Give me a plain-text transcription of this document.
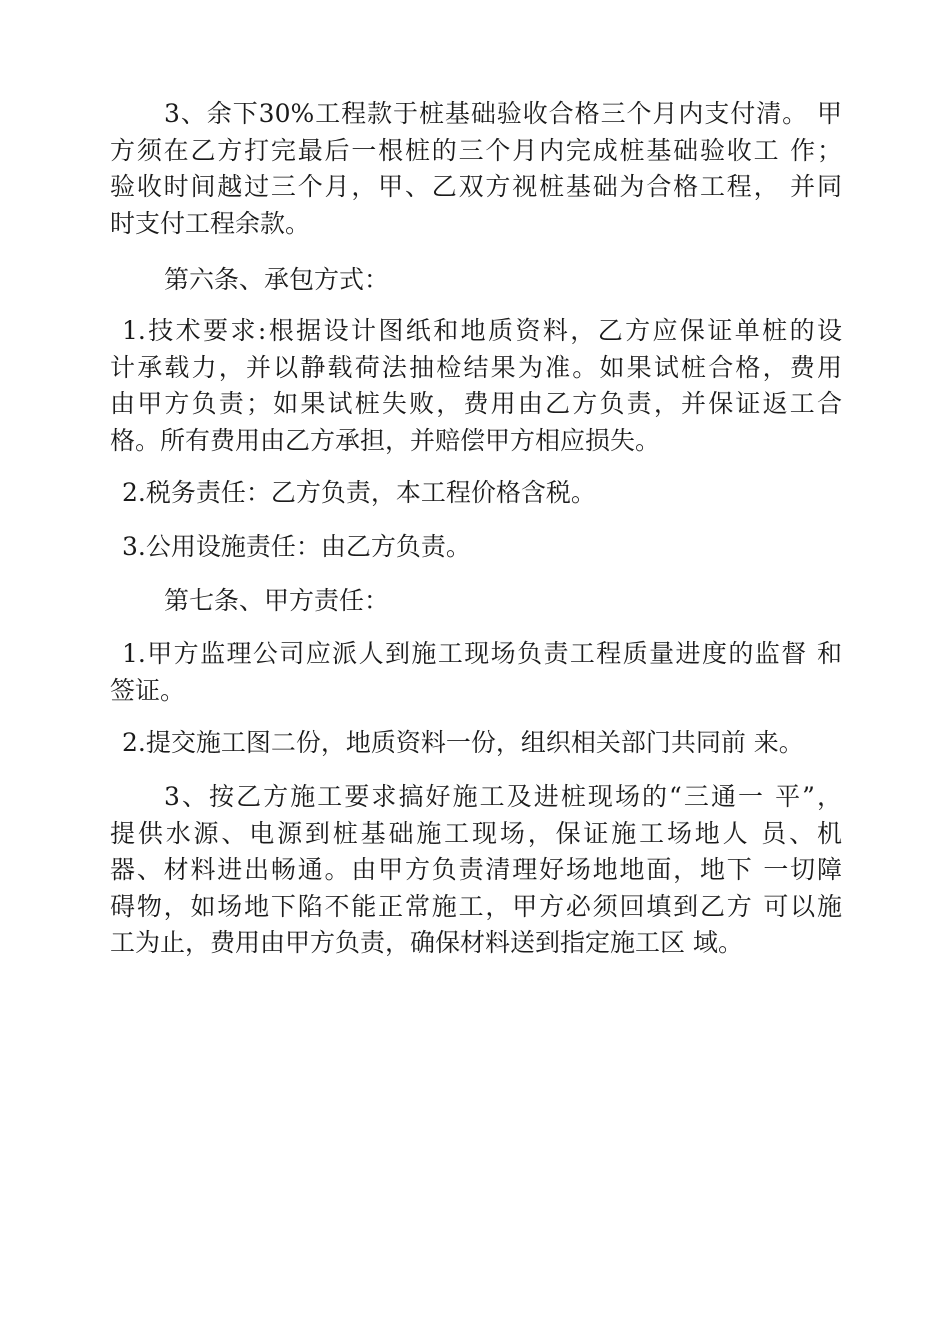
3、余下30%工程款于桩基础验收合格三个月内支付清。 甲
方须在乙方打完最后一根桩的三个月内完成桩基础验收工 作；
验收时间越过三个月，甲、乙双方视桩基础为合格工程， 并同
时支付工程余款。
第六条、承包方式：
1.技术要求:根据设计图纸和地质资料，乙方应保证单桩的设
计承载力，并以静载荷法抽检结果为准。如果试桩合格，费用
由甲方负责；如果试桩失败，费用由乙方负责，并保证返工合
格。所有费用由乙方承担，并赔偿甲方相应损失。
2.税务责任：乙方负责，本工程价格含税。
3.公用设施责任：由乙方负责。
第七条、甲方责任：
1.甲方监理公司应派人到施工现场负责工程质量进度的监督 和
签证。
2.提交施工图二份，地质资料一份，组织相关部门共同前 来。
3、按乙方施工要求搞好施工及进桩现场的“三通一 平”，
提供水源、电源到桩基础施工现场，保证施工场地人 员、机
器、材料进出畅通。由甲方负责清理好场地地面，地下 一切障
碍物，如场地下陷不能正常施工，甲方必须回填到乙方 可以施
工为止，费用由甲方负责，确保材料送到指定施工区 域。
